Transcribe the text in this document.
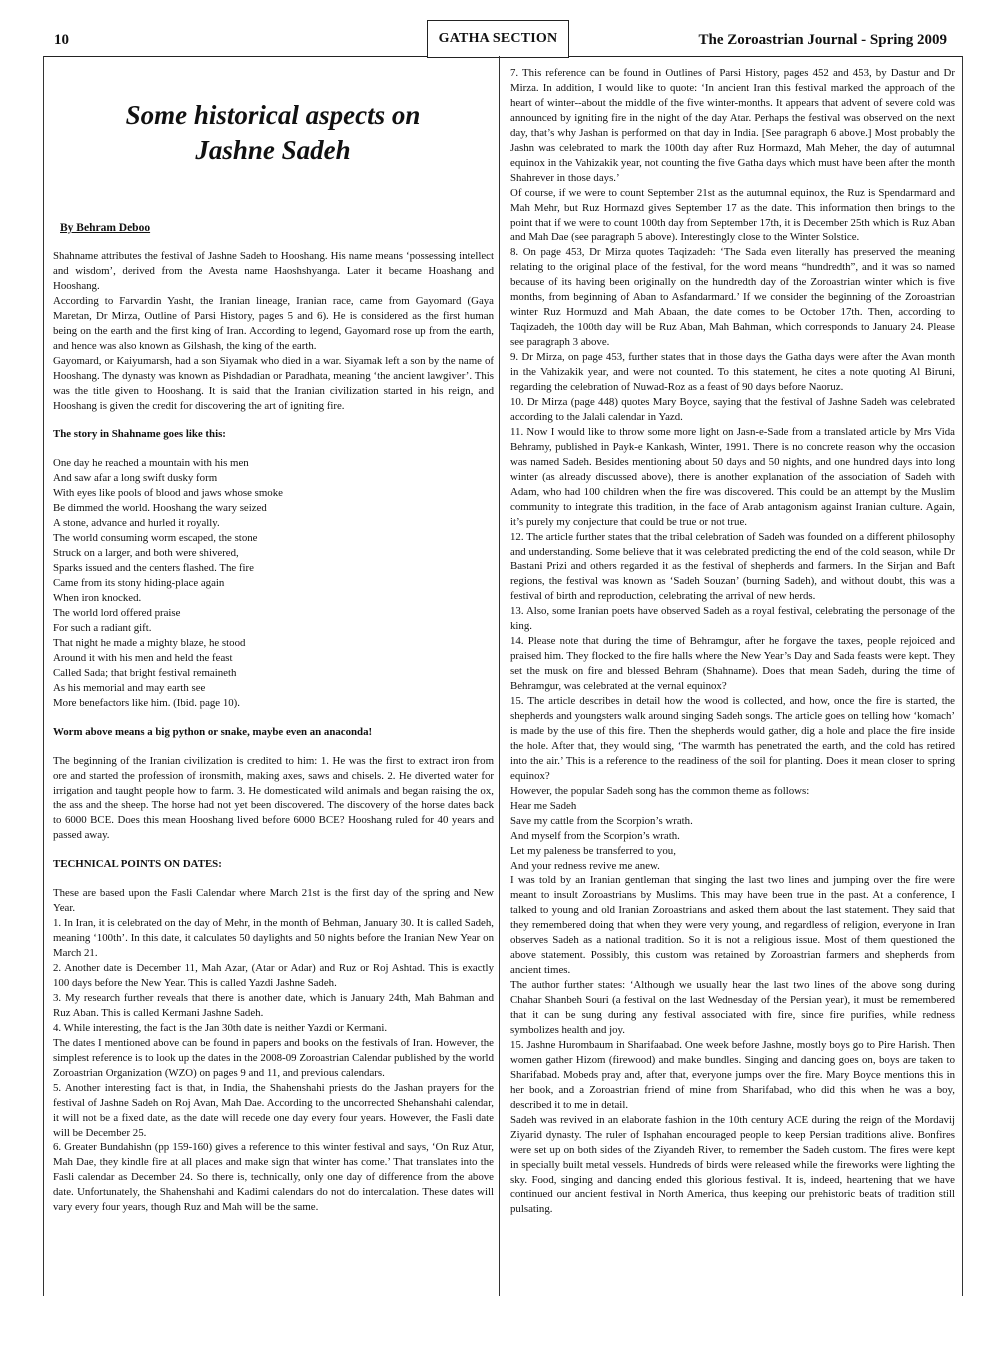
10	GATHA SECTION	The Zoroastrian Journal - Spring 2009
Some historical aspects on
Jashne Sadeh
By Behram Deboo

Shahname attributes the festival of Jashne Sadeh to Hooshang. His name means ‘possessing intellect and wisdom’, derived from the Avesta name Haoshshyanga. Later it became Hoashang and Hooshang.

According to Farvardin Yasht, the Iranian lineage, Iranian race, came from Gayomard (Gaya Maretan, Dr Mirza, Outline of Parsi History, pages 5 and 6). He is considered as the first human being on the earth and the first king of Iran. According to legend, Gayomard rose up from the earth, and hence was also known as Gilshash, the king of the earth.

Gayomard, or Kaiyumarsh, had a son Siyamak who died in a war. Siyamak left a son by the name of Hooshang. The dynasty was known as Pishdadian or Paradhata, meaning ‘the ancient lawgiver’. This was the title given to Hooshang. It is said that the Iranian civilization started in his reign, and Hooshang is given the credit for discovering the art of igniting fire.

The story in Shahname goes like this:

One day he reached a mountain with his men

And saw afar a long swift dusky form

With eyes like pools of blood and jaws whose smoke

Be dimmed the world. Hooshang the wary seized

A stone, advance and hurled it royally.

The world consuming worm escaped, the stone

Struck on a larger, and both were shivered,

Sparks issued and the centers flashed. The fire

Came from its stony hiding-place again

When iron knocked.

The world lord offered praise

For such a radiant gift.

That night he made a mighty blaze, he stood

Around it with his men and held the feast

Called Sada; that bright festival remaineth

As his memorial and may earth see

More benefactors like him. (Ibid. page 10).

Worm above means a big python or snake, maybe even an anaconda!

The beginning of the Iranian civilization is credited to him: 1. He was the first to extract iron from ore and started the profession of ironsmith, making axes, saws and chisels. 2. He diverted water for irrigation and taught people how to farm. 3. He domesticated wild animals and began raising the ox, the ass and the sheep. The horse had not yet been discovered. The discovery of the horse dates back to 6000 BCE. Does this mean Hooshang lived before 6000 BCE? Hooshang ruled for 40 years and passed away.

TECHNICAL POINTS ON DATES:

These are based upon the Fasli Calendar where March 21st is the first day of the spring and New Year.

1. In Iran, it is celebrated on the day of Mehr, in the month of Behman, January 30. It is called Sadeh, meaning ‘100th’. In this date, it calculates 50 daylights and 50 nights before the Iranian New Year on March 21.

2. Another date is December 11, Mah Azar, (Atar or Adar) and Ruz or Roj Ashtad. This is exactly 100 days before the New Year. This is called Yazdi Jashne Sadeh.

3. My research further reveals that there is another date, which is January 24th, Mah Bahman and Ruz Aban. This is called Kermani Jashne Sadeh.

4. While interesting, the fact is the Jan 30th date is neither Yazdi or Kermani.

The dates I mentioned above can be found in papers and books on the festivals of Iran. However, the simplest reference is to look up the dates in the 2008-09 Zoroastrian Calendar published by the world Zoroastrian Organization (WZO) on pages 9 and 11, and previous calendars.

5. Another interesting fact is that, in India, the Shahenshahi priests do the Jashan prayers for the festival of Jashne Sadeh on Roj Avan, Mah Dae. According to the uncorrected Shehanshahi calendar, it will not be a fixed date, as the date will recede one day every four years. However, the Fasli date will be December 25.

6. Greater Bundahishn (pp 159-160) gives a reference to this winter festival and says, ‘On Ruz Atur, Mah Dae, they kindle fire at all places and make sign that winter has come.’ That translates into the Fasli calendar as December 24. So there is, technically, only one day of difference from the above date. Unfortunately, the Shahenshahi and Kadimi calendars do not do intercalation. These dates will vary every four years, though Ruz and Mah will be the same.

7. This reference can be found in Outlines of Parsi History, pages 452 and 453, by Dastur and Dr Mirza. In addition, I would like to quote: ‘In ancient Iran this festival marked the approach of the heart of winter--about the middle of the five winter-months. It appears that advent of severe cold was announced by igniting fire in the night of the day Atar. Perhaps the festival was observed on the next day, that’s why Jashan is performed on that day in India. [See paragraph 6 above.] Most probably the Jashn was celebrated to mark the 100th day after Ruz Hormazd, Mah Meher, the day of autumnal equinox in the Vahizakik year, not counting the five Gatha days which must have been after the month Shahrever in those days.’

Of course, if we were to count September 21st as the autumnal equinox, the Ruz is Spendarmard and Mah Mehr, but Ruz Hormazd gives September 17 as the date. This information then brings to the point that if we were to count 100th day from September 17th, it is December 25th which is Ruz Aban and Mah Dae (see paragraph 5 above). Interestingly close to the Winter Solstice.

8. On page 453, Dr Mirza quotes Taqizadeh: ‘The Sada even literally has preserved the meaning relating to the original place of the festival, for the word means “hundredth”, and it was so named because of its having been originally on the hundredth day of the Zoroastrian winter which is five months, from beginning of Aban to Asfandarmard.’ If we consider the beginning of the Zoroastrian winter Ruz Hormuzd and Mah Abaan, the date comes to be October 17th. Then, according to Taqizadeh, the 100th day will be Ruz Aban, Mah Bahman, which corresponds to January 24. Please see paragraph 3 above.

9. Dr Mirza, on page 453, further states that in those days the Gatha days were after the Avan month in the Vahizakik year, and were not counted. To this statement, he cites a note quoting Al Biruni, regarding the celebration of Nuwad-Roz as a feast of 90 days before Naoruz.

10. Dr Mirza (page 448) quotes Mary Boyce, saying that the festival of Jashne Sadeh was celebrated according to the Jalali calendar in Yazd.

11. Now I would like to throw some more light on Jasn-e-Sade from a translated article by Mrs Vida Behramy, published in Payk-e Kankash, Winter, 1991. There is no concrete reason why the occasion was named Sadeh. Besides mentioning about 50 days and 50 nights, and one hundred days into long winter (as already discussed above), there is another explanation of the association of Sadeh with Adam, who had 100 children when the fire was discovered. This could be an attempt by the Muslim community to integrate this tradition, in the face of Arab antagonism against Iranian culture. Again, it’s purely my conjecture that could be true or not true.

12. The article further states that the tribal celebration of Sadeh was founded on a different philosophy and understanding. Some believe that it was celebrated predicting the end of the cold season, while Dr Bastani Prizi and others regarded it as the festival of shepherds and farmers. In the Sirjan and Baft regions, the festival was known as ‘Sadeh Souzan’ (burning Sadeh), and without doubt, this was a festival of birth and reproduction, celebrating the arrival of new herds.

13. Also, some Iranian poets have observed Sadeh as a royal festival, celebrating the personage of the king.

14. Please note that during the time of Behramgur, after he forgave the taxes, people rejoiced and praised him. They flocked to the fire halls where the New Year’s Day and Sada feasts were kept. They set the musk on fire and blessed Behram (Shahname). Does that mean Sadeh, during the time of Behramgur, was celebrated at the vernal equinox?

15. The article describes in detail how the wood is collected, and how, once the fire is started, the shepherds and youngsters walk around singing Sadeh songs. The article goes on telling how ‘komach’ is made by the use of this fire. Then the shepherds would gather, dig a hole and place the fire inside the hole. After that, they would sing, ‘The warmth has penetrated the earth, and the cold has retired into the air.’ This is a reference to the readiness of the soil for planting. Does it mean closer to spring equinox?

However, the popular Sadeh song has the common theme as follows:

Hear me Sadeh

Save my cattle from the Scorpion’s wrath.

And myself from the Scorpion’s wrath.

Let my paleness be transferred to you,

And your redness revive me anew.

I was told by an Iranian gentleman that singing the last two lines and jumping over the fire were meant to insult Zoroastrians by Muslims. This may have been true in the past. At a conference, I talked to young and old Iranian Zoroastrians and asked them about the last statement. They said that they remembered doing that when they were very young, and regardless of religion, everyone in Iran observes Sadeh as a national tradition. So it is not a religious issue. Most of them questioned the above statement. Possibly, this custom was retained by Zoroastrian farmers and shepherds from ancient times.

The author further states: ‘Although we usually hear the last two lines of the above song during Chahar Shanbeh Souri (a festival on the last Wednesday of the Persian year), it must be remembered that it can be sung during any festival associated with fire, since fire purifies, while redness symbolizes health and joy.

15. Jashne Hurombaum in Sharifaabad. One week before Jashne, mostly boys go to Pire Harish. Then women gather Hizom (firewood) and make bundles. Singing and dancing goes on, boys are taken to Sharifabad. Mobeds pray and, after that, everyone jumps over the fire. Mary Boyce mentions this in her book, and a Zoroastrian friend of mine from Sharifabad, who did this when he was a boy, described it to me in detail.

Sadeh was revived in an elaborate fashion in the 10th century ACE during the reign of the Mordavij Ziyarid dynasty. The ruler of Isphahan encouraged people to keep Persian traditions alive. Bonfires were set up on both sides of the Ziyandeh River, to remember the Sadeh custom. The fires were kept in specially built metal vessels. Hundreds of birds were released while the fireworks were lighting the sky. Food, singing and dancing ended this glorious festival. It is, indeed, heartening that we have continued our ancient festival in North America, thus keeping our prehistoric beats of tradition still pulsating.
